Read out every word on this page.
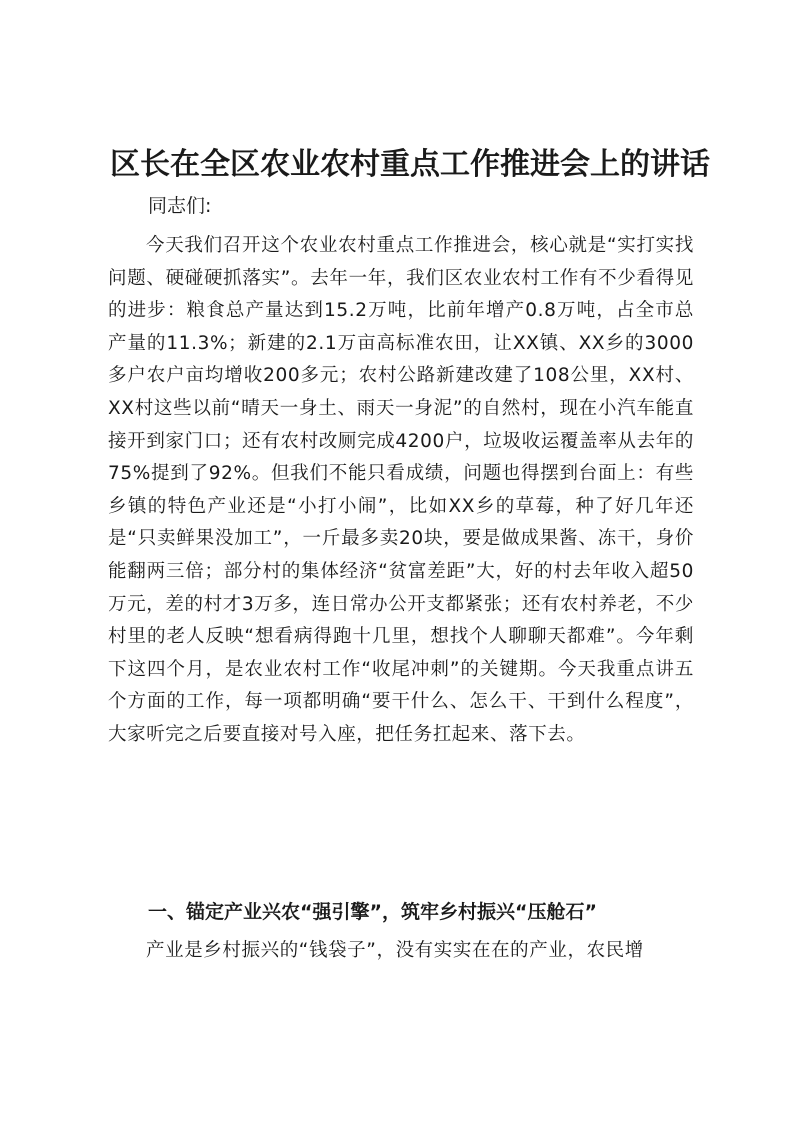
区长在全区农业农村重点工作推进会上的讲话

同志们:

今天我们召开这个农业农村重点工作推进会，核心就是“实打实找问题、硬碰硬抓落实”。去年一年，我们区农业农村工作有不少看得见的进步：粮食总产量达到15.2万吨，比前年增产0.8万吨，占全市总产量的11.3%；新建的2.1万亩高标准农田，让XX镇、XX乡的3000多户农户亩均增收200多元；农村公路新建改建了108公里，XX村、XX村这些以前“晴天一身土、雨天一身泥”的自然村，现在小汽车能直接开到家门口；还有农村改厕完成4200户，垃圾收运覆盖率从去年的75%提到了92%。但我们不能只看成绩，问题也得摆到台面上：有些乡镇的特色产业还是“小打小闹”，比如XX乡的草莓，种了好几年还是“只卖鲜果没加工”，一斤最多卖20块，要是做成果酱、冻干，身价能翻两三倍；部分村的集体经济“贫富差距”大，好的村去年收入超50万元，差的村才3万多，连日常办公开支都紧张；还有农村养老，不少村里的老人反映“想看病得跑十几里，想找个人聊聊天都难”。今年剩下这四个月，是农业农村工作“收尾冲刺”的关键期。今天我重点讲五个方面的工作，每一项都明确“要干什么、怎么干、干到什么程度”，大家听完之后要直接对号入座，把任务扛起来、落下去。

一、锚定产业兴农“强引擎”，筑牢乡村振兴“压舱石”

产业是乡村振兴的“钱袋子”，没有实实在在的产业，农民增
